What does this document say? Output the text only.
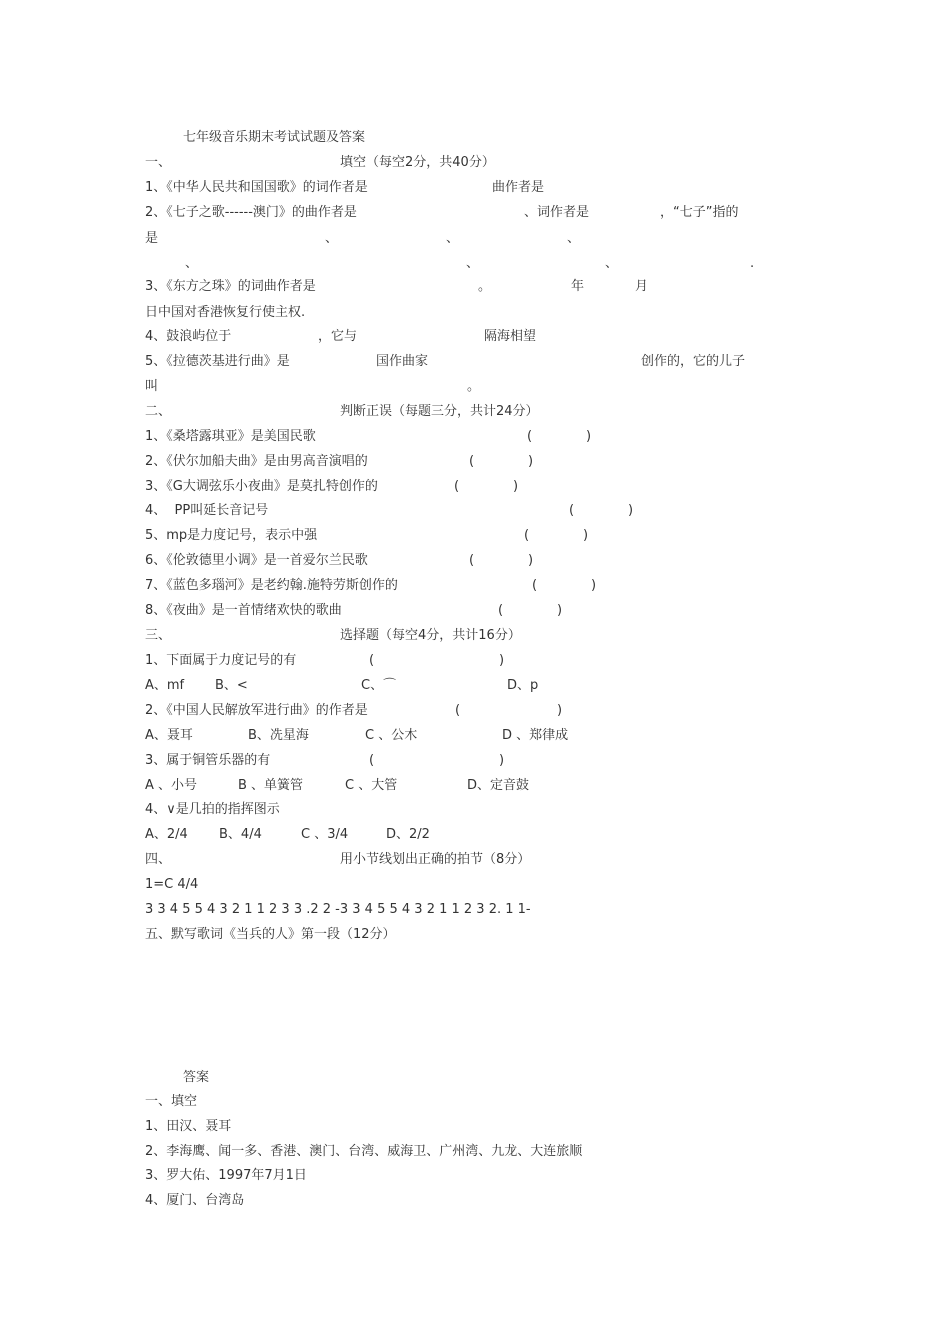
七年级音乐期末考试试题及答案
一、	填空（每空2分，共40分）
1、《中华人民共和国国歌》的词作者是	曲作者是
2、《七子之歌------澳门》的曲作者是	、词作者是	，“七子”指的
是	、	、	、
、	、	、	.
3、《东方之珠》的词曲作者是	。	年	月
日中国对香港恢复行使主权.
4、鼓浪屿位于	，它与	隔海相望
5、《拉德茨基进行曲》是	国作曲家	创作的，它的儿子
叫	。
二、	判断正误（每题三分，共计24分）
1、《桑塔露琪亚》是美国民歌	(	)
2、《伏尔加船夫曲》是由男高音演唱的	(	)
3、《G大调弦乐小夜曲》是莫扎特创作的	(	)
4、  PP叫延长音记号	(	)
5、mp是力度记号，表示中强	(	)
6、《伦敦德里小调》是一首爱尔兰民歌	(	)
7、《蓝色多瑙河》是老约翰.施特劳斯创作的	(	)
8、《夜曲》是一首情绪欢快的歌曲	(	)
三、	选择题（每空4分，共计16分）
1、下面属于力度记号的有	(	)
A、mf B、<	C、⌒	D、p
2、《中国人民解放军进行曲》的作者是	(	)
A、聂耳	B、冼星海	C 、公木	D 、郑律成
3、属于铜管乐器的有	(	)
A 、小号	B 、单簧管	C 、大管	D、定音鼓
4、∨是几拍的指挥图示
A、2/4 B、4/4	C 、3/4	D、2/2
四、	用小节线划出正确的拍节（8分）
1=C 4/4
3 3 4 5 5 4 3 2 1 1 2 3 3 .2 2 -3 3 4 5 5 4 3 2 1 1 2 3 2. 1 1-
五、默写歌词《当兵的人》第一段（12分）
答案
一、填空
1、田汉、聂耳
2、李海鹰、闻一多、香港、澳门、台湾、威海卫、广州湾、九龙、大连旅顺
3、罗大佑、1997年7月1日
4、厦门、台湾岛
